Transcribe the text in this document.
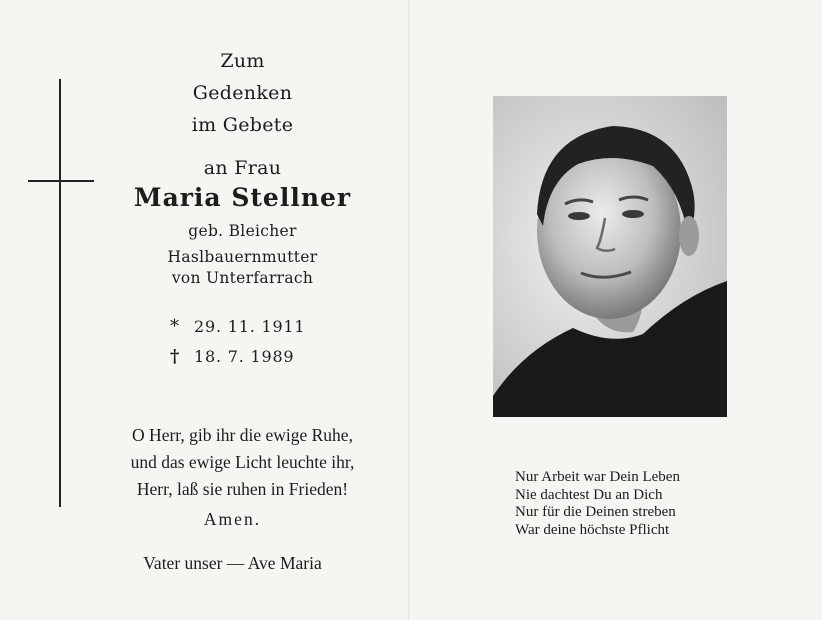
Zum
Gedenken
im Gebete
an Frau
Maria Stellner
geb. Bleicher
Haslbauernmutter
von Unterfarrach
* 29. 11. 1911
† 18. 7. 1989
O Herr, gib ihr die ewige Ruhe,
und das ewige Licht leuchte ihr,
Herr, laß sie ruhen in Frieden!
Amen.
Vater unser — Ave Maria
Nur Arbeit war Dein Leben
Nie dachtest Du an Dich
Nur für die Deinen streben
War deine höchste Pflicht
